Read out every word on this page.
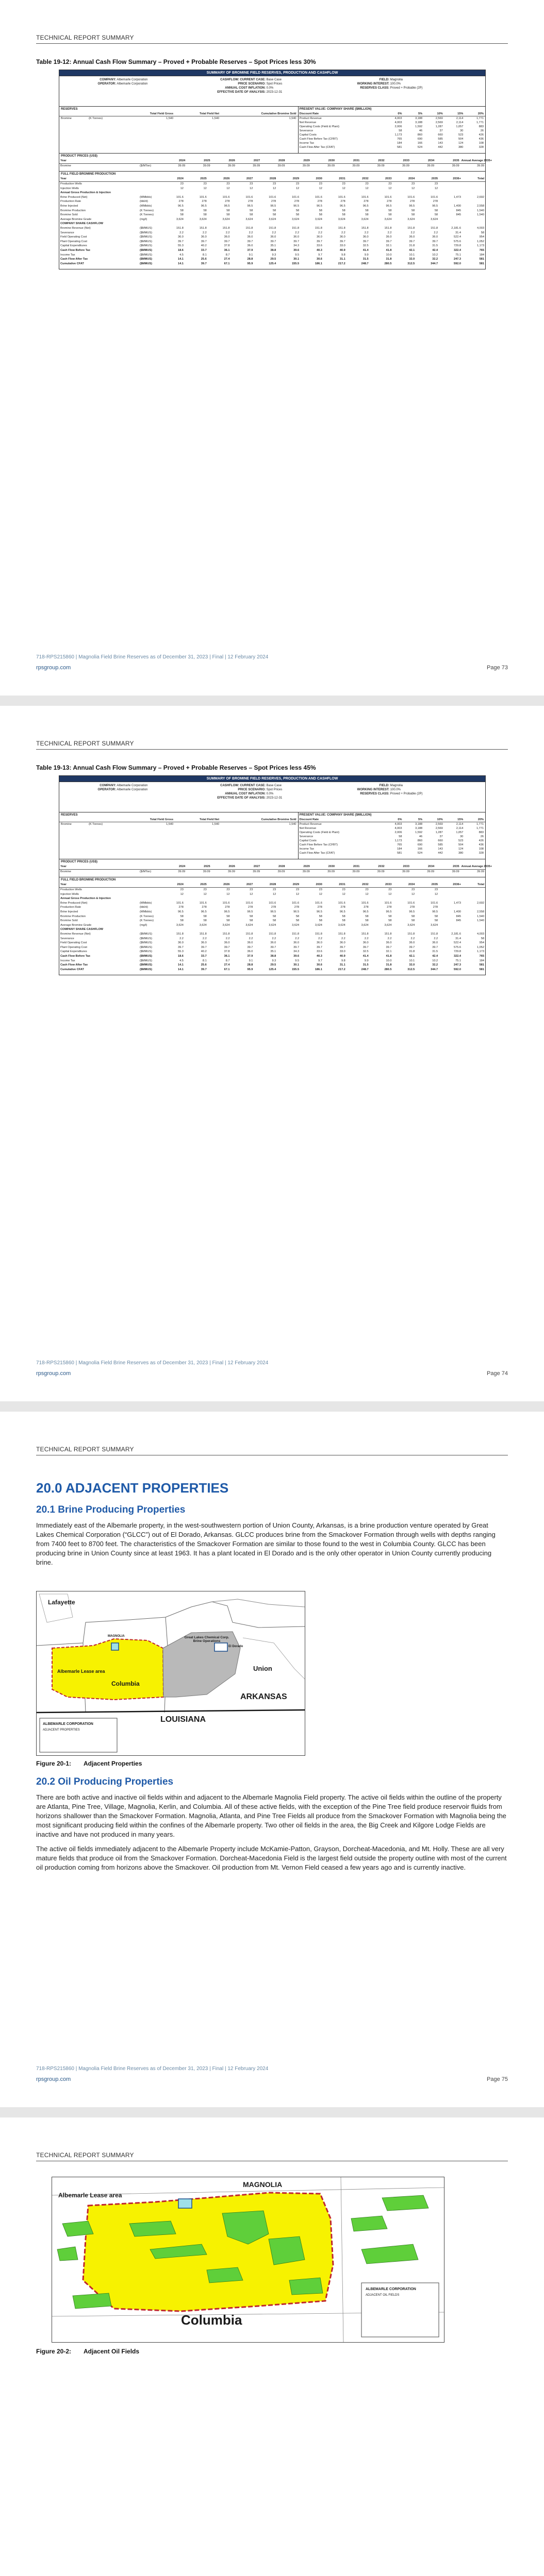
TECHNICAL REPORT SUMMARY
Table 19-12: Annual Cash Flow Summary – Proved + Probable Reserves – Spot Prices less 30%
SUMMARY OF BROMINE FIELD RESERVES, PRODUCTION AND CASHFLOW
COMPANY: Albemarle Corporation
OPERATOR: Albemarle Corporation
CASHFLOW: CURRENT CASE: Base Case
PRICE SCENARIO: Spot Prices
ANNUAL COST INFLATION: 0.0%
EFFECTIVE DATE OF ANALYSIS: 2023-12-31
FIELD: Magnolia
WORKING INTEREST: 100.0%
RESERVES CLASS: Proved + Probable (2P)
RESERVES
		Total Field Gross	Total Field Net	Cumulative Bromine Sold
Bromine	(K Tonnes)	1,540	1,540	1,540
PRESENT VALUE: COMPANY SHARE ($MILLION)
Discount Rate	0%	5%	10%	15%	20%
Product Revenue	4,003	3,188	2,569	2,114	1,771
Net Revenue	4,003	3,188	2,569	2,114	1,771
Operating Costs (Field & Plant)	2,006	1,592	1,287	1,057	883
Severance	58	46	37	30	26
Capital Costs	1,173	860	660	523	426
Cash Flow Before Tax (CFBT)	765	690	585	504	436
Income Tax	184	166	143	124	108
Cash Flow After Tax (CFAT)	581	524	442	380	328
PRODUCT PRICES (US$)
Year		2024	2025	2026	2027	2028	2029	2030	2031	2032	2033	2034	2035	Annual Average 2035+
Bromine	($/MTon)	39.09	39.09	39.09	39.09	39.09	39.09	39.09	39.09	39.09	39.09	39.09	39.09	39.09
FULL FIELD BROMINE PRODUCTION
Year		2024	2025	2026	2027	2028	2029	2030	2031	2032	2033	2034	2035	2036+	Total
Production Wells		23	23	23	23	23	23	23	23	23	23	23	23		
Injection Wells		12	12	12	12	12	12	12	12	12	12	12	12		
Annual Gross Production & Injection															
Brine Produced (Net)	(MMbbls)	101.6	101.6	101.6	101.6	101.6	101.6	101.6	101.6	101.6	101.6	101.6	101.6	1,473	2,692
Production Rate	(bbl/d)	278	278	278	278	278	278	278	278	278	278	278	278		
Brine Injected	(MMbbls)	96.5	96.5	96.5	96.5	96.5	96.5	96.5	96.5	96.5	96.5	96.5	96.5	1,400	2,558
Bromine Production	(K Tonnes)	58	58	58	58	58	58	58	58	58	58	58	58	845	1,540
Bromine Sold	(K Tonnes)	58	58	58	58	58	58	58	58	58	58	58	58	845	1,540
Average Bromine Grade	(mg/l)	3,624	3,624	3,624	3,624	3,624	3,624	3,624	3,624	3,624	3,624	3,624	3,624		
COMPANY SHARE CASHFLOW															
Bromine Revenue (Net)	($MMUS)	151.8	151.8	151.8	151.8	151.8	151.8	151.8	151.8	151.8	151.8	151.8	151.8	2,181.6	4,003
Severance	($MMUS)	2.2	2.2	2.2	2.2	2.2	2.2	2.2	2.2	2.2	2.2	2.2	2.2	31.4	58
Field Operating Cost	($MMUS)	36.0	36.0	36.0	36.0	36.0	36.0	36.0	36.0	36.0	36.0	36.0	36.0	522.4	954
Plant Operating Cost	($MMUS)	39.7	39.7	39.7	39.7	39.7	39.7	39.7	39.7	39.7	39.7	39.7	39.7	575.6	1,052
Capital Expenditures	($MMUS)	55.3	40.2	37.8	36.0	35.1	34.3	33.6	33.0	32.5	32.1	31.8	31.5	729.8	1,173
Cash Flow Before Tax	($MMUS)	18.6	33.7	36.1	37.9	38.8	39.6	40.3	40.9	41.4	41.8	42.1	42.4	322.4	765
Income Tax	($MMUS)	4.5	8.1	8.7	9.1	9.3	9.5	9.7	9.8	9.9	10.0	10.1	10.2	75.1	184
Cash Flow After Tax	($MMUS)	14.1	25.6	27.4	28.8	29.5	30.1	30.6	31.1	31.5	31.8	32.0	32.2	247.3	581
Cumulative CFAT	($MMUS)	14.1	39.7	67.1	95.9	125.4	155.5	186.1	217.2	248.7	280.5	312.5	344.7	592.0	581
718-RPS215860 | Magnolia Field Brine Reserves as of December 31, 2023 | Final | 12 February 2024
rpsgroup.com	Page 73
TECHNICAL REPORT SUMMARY
Table 19-13: Annual Cash Flow Summary – Proved + Probable Reserves – Spot Prices less 45%
SUMMARY OF BROMINE FIELD RESERVES, PRODUCTION AND CASHFLOW
COMPANY: Albemarle Corporation
OPERATOR: Albemarle Corporation
CASHFLOW: CURRENT CASE: Base Case
PRICE SCENARIO: Spot Prices
ANNUAL COST INFLATION: 0.0%
EFFECTIVE DATE OF ANALYSIS: 2023-12-31
FIELD: Magnolia
WORKING INTEREST: 100.0%
RESERVES CLASS: Proved + Probable (2P)
RESERVES
		Total Field Gross	Total Field Net	Cumulative Bromine Sold
Bromine	(K Tonnes)	1,540	1,540	1,540
PRESENT VALUE: COMPANY SHARE ($MILLION)
Discount Rate	0%	5%	10%	15%	20%
Product Revenue	4,003	3,188	2,569	2,114	1,771
Net Revenue	4,003	3,188	2,569	2,114	1,771
Operating Costs (Field & Plant)	2,006	1,592	1,287	1,057	883
Severance	58	46	37	30	26
Capital Costs	1,173	860	660	523	426
Cash Flow Before Tax (CFBT)	765	690	585	504	436
Income Tax	184	166	143	124	108
Cash Flow After Tax (CFAT)	581	524	442	380	328
PRODUCT PRICES (US$)
Year		2024	2025	2026	2027	2028	2029	2030	2031	2032	2033	2034	2035	Annual Average 2035+
Bromine	($/MTon)	39.09	39.09	39.09	39.09	39.09	39.09	39.09	39.09	39.09	39.09	39.09	39.09	39.09
FULL FIELD BROMINE PRODUCTION
Year		2024	2025	2026	2027	2028	2029	2030	2031	2032	2033	2034	2035	2036+	Total
Production Wells		23	23	23	23	23	23	23	23	23	23	23	23		
Injection Wells		12	12	12	12	12	12	12	12	12	12	12	12		
Annual Gross Production & Injection															
Brine Produced (Net)	(MMbbls)	101.6	101.6	101.6	101.6	101.6	101.6	101.6	101.6	101.6	101.6	101.6	101.6	1,473	2,692
Production Rate	(bbl/d)	278	278	278	278	278	278	278	278	278	278	278	278		
Brine Injected	(MMbbls)	96.5	96.5	96.5	96.5	96.5	96.5	96.5	96.5	96.5	96.5	96.5	96.5	1,400	2,558
Bromine Production	(K Tonnes)	58	58	58	58	58	58	58	58	58	58	58	58	845	1,540
Bromine Sold	(K Tonnes)	58	58	58	58	58	58	58	58	58	58	58	58	845	1,540
Average Bromine Grade	(mg/l)	3,624	3,624	3,624	3,624	3,624	3,624	3,624	3,624	3,624	3,624	3,624	3,624		
COMPANY SHARE CASHFLOW															
Bromine Revenue (Net)	($MMUS)	151.8	151.8	151.8	151.8	151.8	151.8	151.8	151.8	151.8	151.8	151.8	151.8	2,181.6	4,003
Severance	($MMUS)	2.2	2.2	2.2	2.2	2.2	2.2	2.2	2.2	2.2	2.2	2.2	2.2	31.4	58
Field Operating Cost	($MMUS)	36.0	36.0	36.0	36.0	36.0	36.0	36.0	36.0	36.0	36.0	36.0	36.0	522.4	954
Plant Operating Cost	($MMUS)	39.7	39.7	39.7	39.7	39.7	39.7	39.7	39.7	39.7	39.7	39.7	39.7	575.6	1,052
Capital Expenditures	($MMUS)	55.3	40.2	37.8	36.0	35.1	34.3	33.6	33.0	32.5	32.1	31.8	31.5	729.8	1,173
Cash Flow Before Tax	($MMUS)	18.6	33.7	36.1	37.9	38.8	39.6	40.3	40.9	41.4	41.8	42.1	42.4	322.4	765
Income Tax	($MMUS)	4.5	8.1	8.7	9.1	9.3	9.5	9.7	9.8	9.9	10.0	10.1	10.2	75.1	184
Cash Flow After Tax	($MMUS)	14.1	25.6	27.4	28.8	29.5	30.1	30.6	31.1	31.5	31.8	32.0	32.2	247.3	581
Cumulative CFAT	($MMUS)	14.1	39.7	67.1	95.9	125.4	155.5	186.1	217.2	248.7	280.5	312.5	344.7	592.0	581
718-RPS215860 | Magnolia Field Brine Reserves as of December 31, 2023 | Final | 12 February 2024
rpsgroup.com	Page 74
TECHNICAL REPORT SUMMARY
20.0 ADJACENT PROPERTIES
20.1 Brine Producing Properties
Immediately east of the Albemarle property, in the west-southwestern portion of Union County, Arkansas, is a brine production venture operated by Great Lakes Chemical Corporation (“GLCC”) out of El Dorado, Arkansas. GLCC produces brine from the Smackover Formation through wells with depths ranging from 7400 feet to 8700 feet. The characteristics of the Smackover Formation are similar to those found to the west in Columbia County. GLCC has been producing brine in Union County since at least 1963. It has a plant located in El Dorado and is the only other operator in Union County currently producing brine.
Lafayette
Columbia
Union
ARKANSAS
LOUISIANA
MAGNOLIA
Albemarle Lease area
Great Lakes Chemical Corp. Brine Operations
El Dorado
ALBEMARLE CORPORATION
ADJACENT PROPERTIES
Figure 20-1: Adjacent Properties
20.2 Oil Producing Properties
There are both active and inactive oil fields within and adjacent to the Albemarle Magnolia Field property. The active oil fields within the outline of the property are Atlanta, Pine Tree, Village, Magnolia, Kerlin, and Columbia. All of these active fields, with the exception of the Pine Tree field produce reservoir fluids from horizons shallower than the Smackover Formation. Magnolia, Atlanta, and Pine Tree Fields all produce from the Smackover Formation with Magnolia being the most significant producing field within the confines of the Albemarle property. Two other oil fields in the area, the Big Creek and Kilgore Lodge Fields are inactive and have not produced in many years.
The active oil fields immediately adjacent to the Albemarle Property include McKamie-Patton, Grayson, Dorcheat-Macedonia, and Mt. Holly. These are all very mature fields that produce oil from the Smackover Formation. Dorcheat-Macedonia Field is the largest field outside the property outline with most of the current oil production coming from horizons above the Smackover. Oil production from Mt. Vernon Field ceased a few years ago and is currently inactive.
718-RPS215860 | Magnolia Field Brine Reserves as of December 31, 2023 | Final | 12 February 2024
rpsgroup.com	Page 75
TECHNICAL REPORT SUMMARY
MAGNOLIA
Albemarle Lease area
Columbia
ALBEMARLE CORPORATION
ADJACENT OIL FIELDS
Figure 20-2: Adjacent Oil Fields
